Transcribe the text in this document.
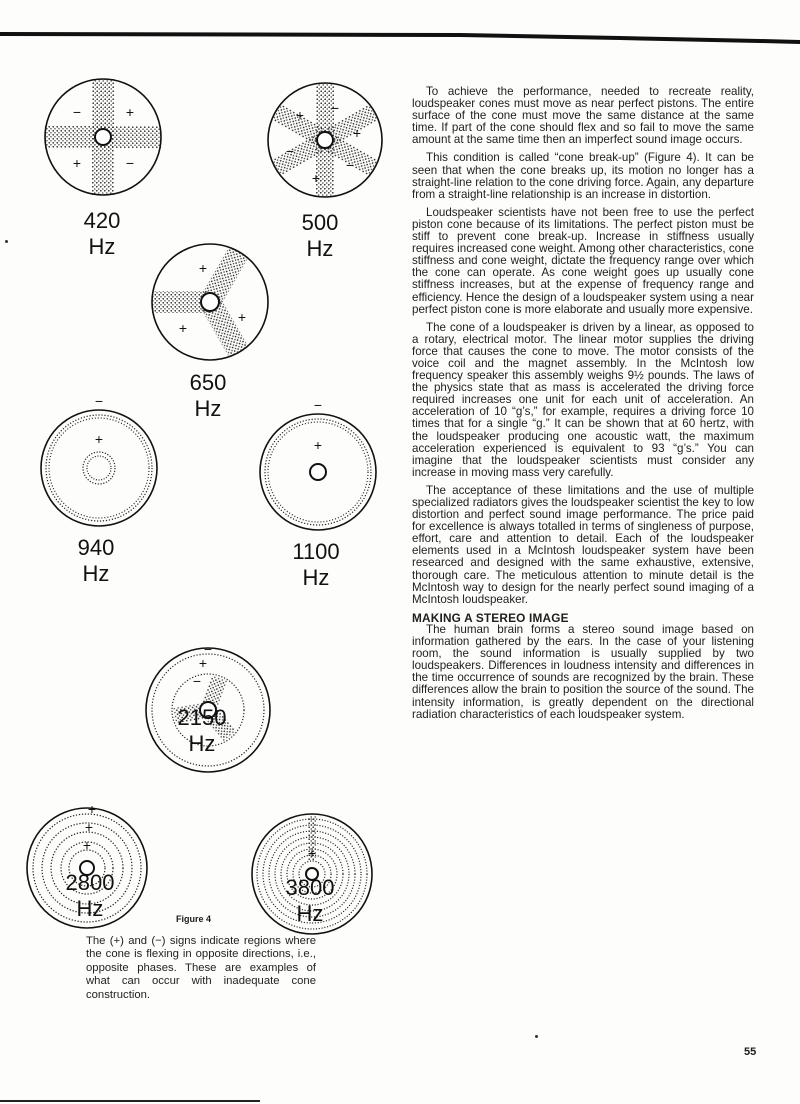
−	+
+	−
−
+
+
−
+
−
+
+
+
−
+
−
+
−
+
−
+
+
+	+
420
Hz
500
Hz
650
Hz
940
Hz
1100
Hz
2150
Hz
2800
Hz
3800
Hz
Figure 4
The (+) and (−) signs indicate regions where the cone is flexing in opposite directions, i.e., opposite phases. These are examples of what can occur with inadequate cone construction.

To achieve the performance, needed to recreate reality, loudspeaker cones must move as near perfect pistons. The entire surface of the cone must move the same distance at the same time. If part of the cone should flex and so fail to move the same amount at the same time then an imperfect sound image occurs.

This condition is called “cone break-up” (Figure 4). It can be seen that when the cone breaks up, its motion no longer has a straight-line relation to the cone driving force. Again, any departure from a straight-line relationship is an increase in distortion.

Loudspeaker scientists have not been free to use the perfect piston cone because of its limitations. The perfect piston must be stiff to prevent cone break-up. Increase in stiffness usually requires increased cone weight. Among other characteristics, cone stiffness and cone weight, dictate the frequency range over which the cone can operate. As cone weight goes up usually cone stiffness increases, but at the expense of frequency range and efficiency. Hence the design of a loudspeaker system using a near perfect piston cone is more elaborate and usually more expensive.

The cone of a loudspeaker is driven by a linear, as opposed to a rotary, electrical motor. The linear motor supplies the driving force that causes the cone to move. The motor consists of the voice coil and the magnet assembly. In the McIntosh low frequency speaker this assembly weighs 9½ pounds. The laws of the physics state that as mass is accelerated the driving force required increases one unit for each unit of acceleration. An acceleration of 10 “g’s,” for example, requires a driving force 10 times that for a single “g.” It can be shown that at 60 hertz, with the loudspeaker producing one acoustic watt, the maximum acceleration experienced is equivalent to 93 “g’s.” You can imagine that the loudspeaker scientists must consider any increase in moving mass very carefully.

The acceptance of these limitations and the use of multiple specialized radiators gives the loudspeaker scientist the key to low distortion and perfect sound image performance. The price paid for excellence is always totalled in terms of singleness of purpose, effort, care and attention to detail. Each of the loudspeaker elements used in a McIntosh loudspeaker system have been researced and designed with the same exhaustive, extensive, thorough care. The meticulous attention to minute detail is the McIntosh way to design for the nearly perfect sound imaging of a McIntosh loudspeaker.

MAKING A STEREO IMAGE

The human brain forms a stereo sound image based on information gathered by the ears. In the case of your listening room, the sound information is usually supplied by two loudspeakers. Differences in loudness intensity and differences in the time occurrence of sounds are recognized by the brain. These differences allow the brain to position the source of the sound. The intensity information, is greatly dependent on the directional radiation characteristics of each loudspeaker system.

55
